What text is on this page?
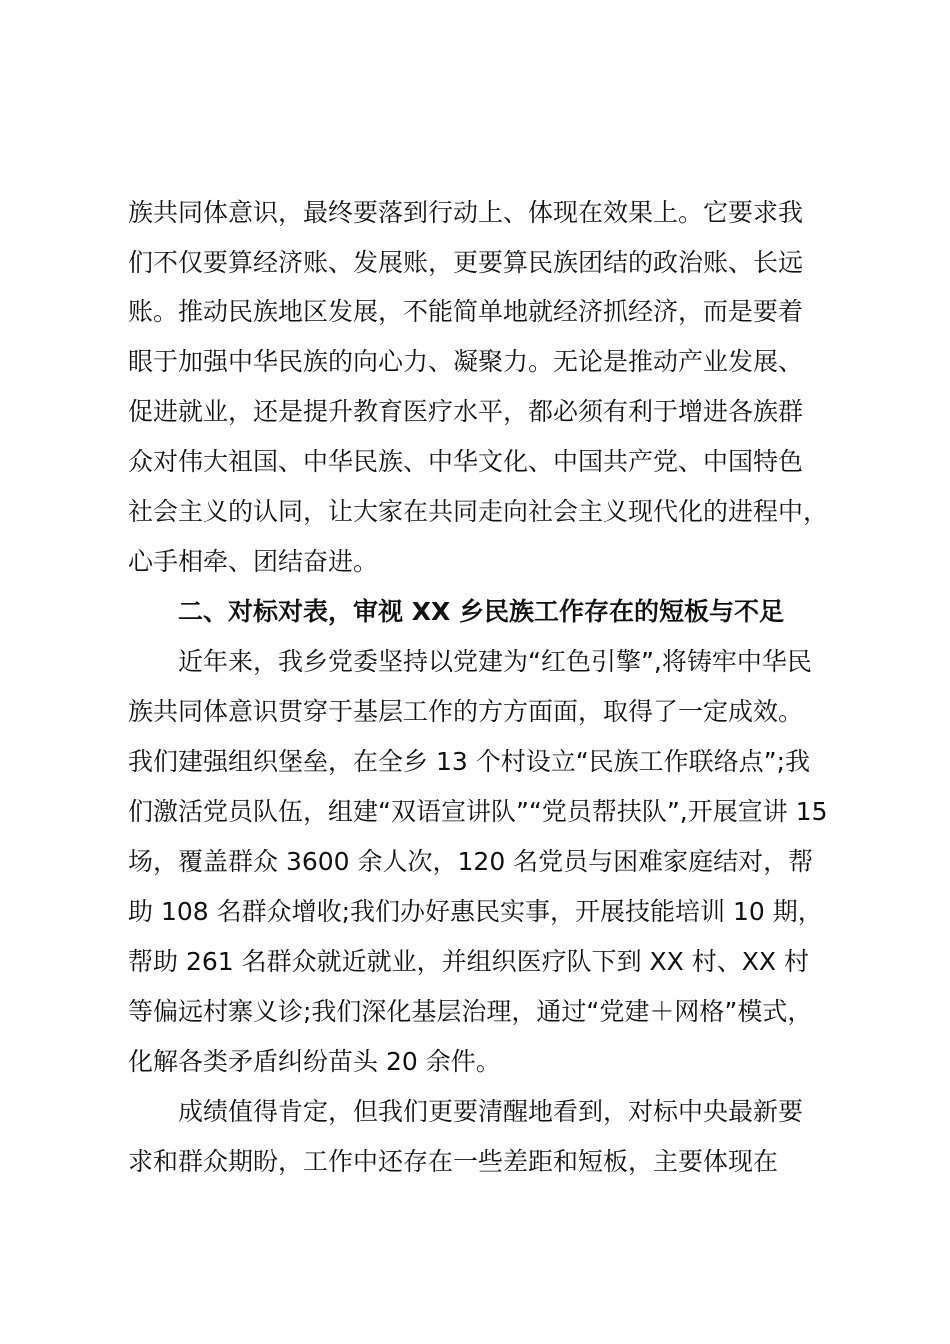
族共同体意识，最终要落到行动上、体现在效果上。它要求我
们不仅要算经济账、发展账，更要算民族团结的政治账、长远
账。推动民族地区发展，不能简单地就经济抓经济，而是要着
眼于加强中华民族的向心力、凝聚力。无论是推动产业发展、
促进就业，还是提升教育医疗水平，都必须有利于增进各族群
众对伟大祖国、中华民族、中华文化、中国共产党、中国特色
社会主义的认同，让大家在共同走向社会主义现代化的进程中，
心手相牵、团结奋进。
二、对标对表，审视 XX 乡民族工作存在的短板与不足
近年来，我乡党委坚持以党建为“红色引擎”,将铸牢中华民
族共同体意识贯穿于基层工作的方方面面，取得了一定成效。
我们建强组织堡垒，在全乡 13 个村设立“民族工作联络点”;我
们激活党员队伍，组建“双语宣讲队”“党员帮扶队”,开展宣讲 15
场，覆盖群众 3600 余人次，120 名党员与困难家庭结对，帮
助 108 名群众增收;我们办好惠民实事，开展技能培训 10 期，
帮助 261 名群众就近就业，并组织医疗队下到 XX 村、XX 村
等偏远村寨义诊;我们深化基层治理，通过“党建＋网格”模式，
化解各类矛盾纠纷苗头 20 余件。
成绩值得肯定，但我们更要清醒地看到，对标中央最新要
求和群众期盼，工作中还存在一些差距和短板，主要体现在
